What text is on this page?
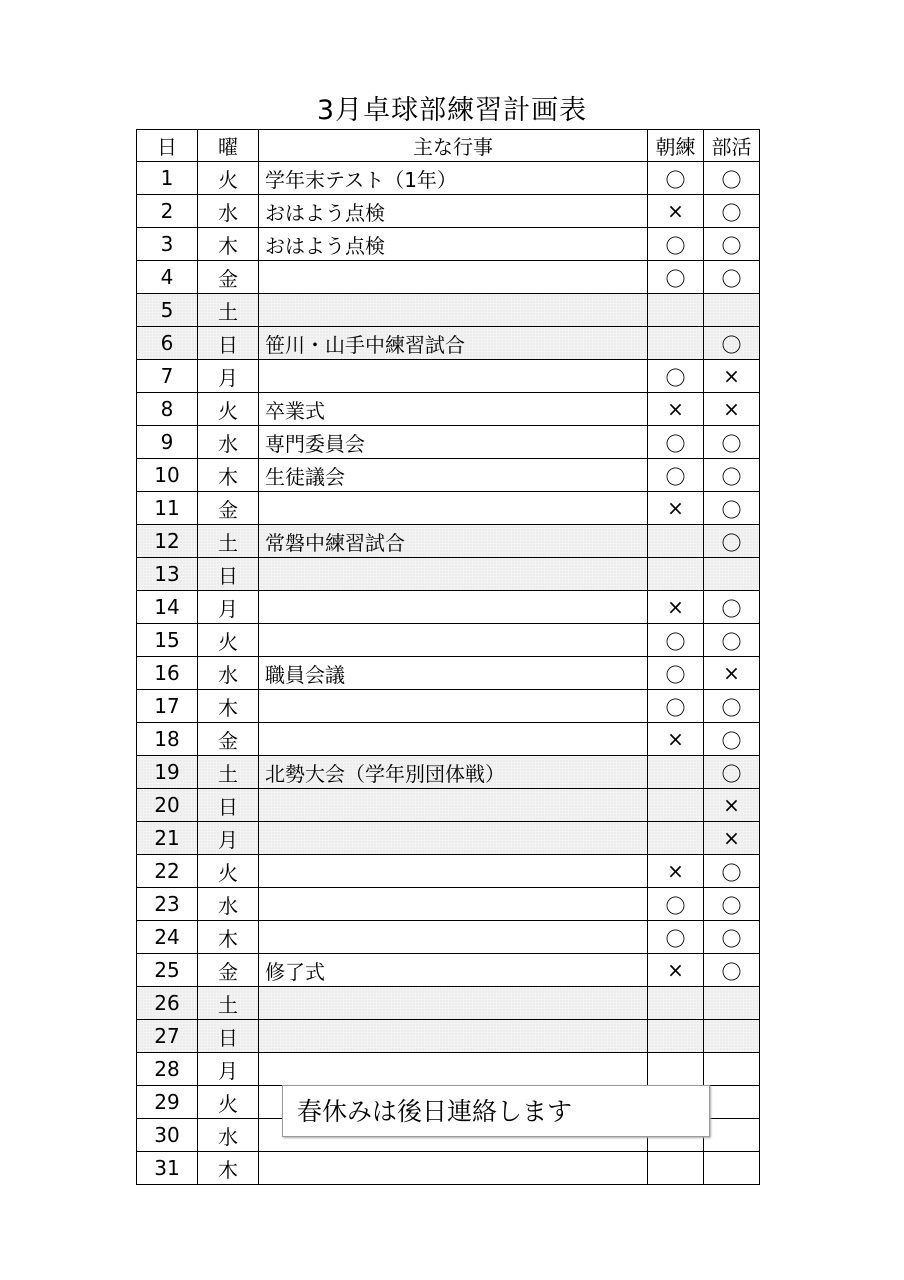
3月卓球部練習計画表
日	曜	主な行事	朝練	部活
1	火	学年末テスト（1年）	〇	〇
2	水	おはよう点検	×	〇
3	木	おはよう点検	〇	〇
4	金		〇	〇
5	土			
6	日	笹川・山手中練習試合		〇
7	月		〇	×
8	火	卒業式	×	×
9	水	専門委員会	〇	〇
10	木	生徒議会	〇	〇
11	金		×	〇
12	土	常磐中練習試合		〇
13	日			
14	月		×	〇
15	火		〇	〇
16	水	職員会議	〇	×
17	木		〇	〇
18	金		×	〇
19	土	北勢大会（学年別団体戦）		〇
20	日			×
21	月			×
22	火		×	〇
23	水		〇	〇
24	木		〇	〇
25	金	修了式	×	〇
26	土			
27	日			
28	月			
29	火			
30	水			
31	木			
春休みは後日連絡します
